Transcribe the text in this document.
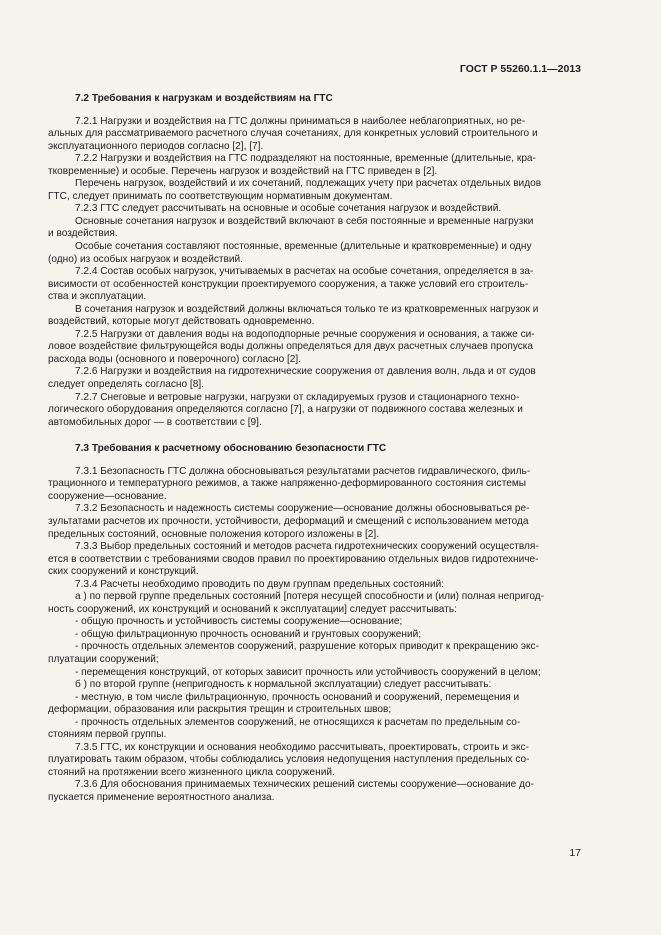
ГОСТ Р 55260.1.1—2013

7.2 Требования к нагрузкам и воздействиям на ГТС

7.2.1 Нагрузки и воздействия на ГТС должны приниматься в наиболее неблагоприятных, но ре-
альных для рассматриваемого расчетного случая сочетаниях, для конкретных условий строительного и
эксплуатационного периодов согласно [2], [7].

7.2.2 Нагрузки и воздействия на ГТС подразделяют на постоянные, временные (длительные, кра-
тковременные) и особые. Перечень нагрузок и воздействий на ГТС приведен в [2].

Перечень нагрузок, воздействий и их сочетаний, подлежащих учету при расчетах отдельных видов
ГТС, следует принимать по соответствующим нормативным документам.

7.2.3 ГТС следует рассчитывать на основные и особые сочетания нагрузок и воздействий.

Основные сочетания нагрузок и воздействий включают в себя постоянные и временные нагрузки
и воздействия.

Особые сочетания составляют постоянные, временные (длительные и кратковременные) и одну
(одно) из особых нагрузок и воздействий.

7.2.4 Состав особых нагрузок, учитываемых в расчетах на особые сочетания, определяется в за-
висимости от особенностей конструкции проектируемого сооружения, а также условий его строитель-
ства и эксплуатации.

В сочетания нагрузок и воздействий должны включаться только те из кратковременных нагрузок и
воздействий, которые могут действовать одновременно.

7.2.5 Нагрузки от давления воды на водоподпорные речные сооружения и основания, а также си-
ловое воздействие фильтрующейся воды должны определяться для двух расчетных случаев пропуска
расхода воды (основного и поверочного) согласно [2].

7.2.6 Нагрузки и воздействия на гидротехнические сооружения от давления волн, льда и от судов
следует определять согласно [8].

7.2.7 Снеговые и ветровые нагрузки, нагрузки от складируемых грузов и стационарного техно-
логического оборудования определяются согласно [7], а нагрузки от подвижного состава железных и
автомобильных дорог — в соответствии с [9].

7.3 Требования к расчетному обоснованию безопасности ГТС

7.3.1 Безопасность ГТС должна обосновываться результатами расчетов гидравлического, филь-
трационного и температурного режимов, а также напряженно-деформированного состояния системы
сооружение—основание.

7.3.2 Безопасность и надежность системы сооружение—основание должны обосновываться ре-
зультатами расчетов их прочности, устойчивости, деформаций и смещений с использованием метода
предельных состояний, основные положения которого изложены в [2].

7.3.3 Выбор предельных состояний и методов расчета гидротехнических сооружений осуществля-
ется в соответствии с требованиями сводов правил по проектированию отдельных видов гидротехниче-
ских сооружений и конструкций.

7.3.4 Расчеты необходимо проводить по двум группам предельных состояний:

а ) по первой группе предельных состояний [потеря несущей способности и (или) полная непригод-
ность сооружений, их конструкций и оснований к эксплуатации] следует рассчитывать:

- общую прочность и устойчивость системы сооружение—основание;

- общую фильтрационную прочность оснований и грунтовых сооружений;

- прочность отдельных элементов сооружений, разрушение которых приводит к прекращению экс-
плуатации сооружений;

- перемещения конструкций, от которых зависит прочность или устойчивость сооружений в целом;

б ) по второй группе (непригодность к нормальной эксплуатации) следует рассчитывать:

- местную, в том числе фильтрационную, прочность оснований и сооружений, перемещения и
деформации, образования или раскрытия трещин и строительных швов;

- прочность отдельных элементов сооружений, не относящихся к расчетам по предельным со-
стояниям первой группы.

7.3.5 ГТС, их конструкции и основания необходимо рассчитывать, проектировать, строить и экс-
плуатировать таким образом, чтобы соблюдались условия недопущения наступления предельных со-
стояний на протяжении всего жизненного цикла сооружений.

7.3.6 Для обоснования принимаемых технических решений системы сооружение—основание до-
пускается применение вероятностного анализа.

17
